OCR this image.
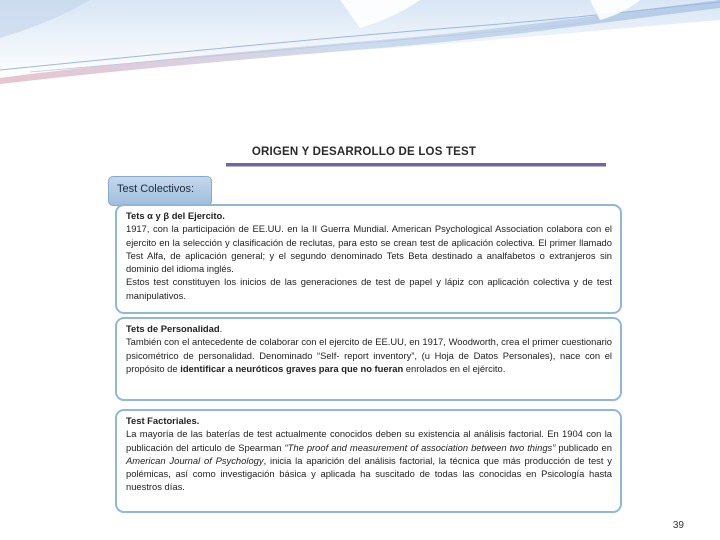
ORIGEN Y DESARROLLO DE LOS TEST
Test Colectivos:
Tets α y β del Ejercito.

1917, con la participación de EE.UU. en la II Guerra Mundial. American Psychological Association colabora con el ejercito en la selección y clasificación de reclutas, para esto se crean test de aplicación colectiva. El primer llamado Test Alfa, de aplicación general; y el segundo denominado Tets Beta destinado a analfabetos o extranjeros sin dominio del idioma inglés.

Estos test constituyen los inicios de las generaciones de test de papel y lápiz con aplicación colectiva y de test manipulativos.

Tets de Personalidad.

También con el antecedente de colaborar con el ejercito de EE.UU, en 1917, Woodworth, crea el primer cuestionario psicométrico de personalidad. Denominado “Self- report inventory”, (u Hoja de Datos Personales), nace con el propósito de identificar a neuróticos graves para que no fueran enrolados en el ejército.

Test Factoriales.

La mayoría de las baterías de test actualmente conocidos deben su existencia al análisis factorial. En 1904 con la publicación del articulo de Spearman “The proof and measurement of association between two things” publicado en American Journal of Psychology, inicia la aparición del análisis factorial, la técnica que más producción de test y polémicas, así como investigación básica y aplicada ha suscitado de todas las conocidas en Psicología hasta nuestros días.

39
